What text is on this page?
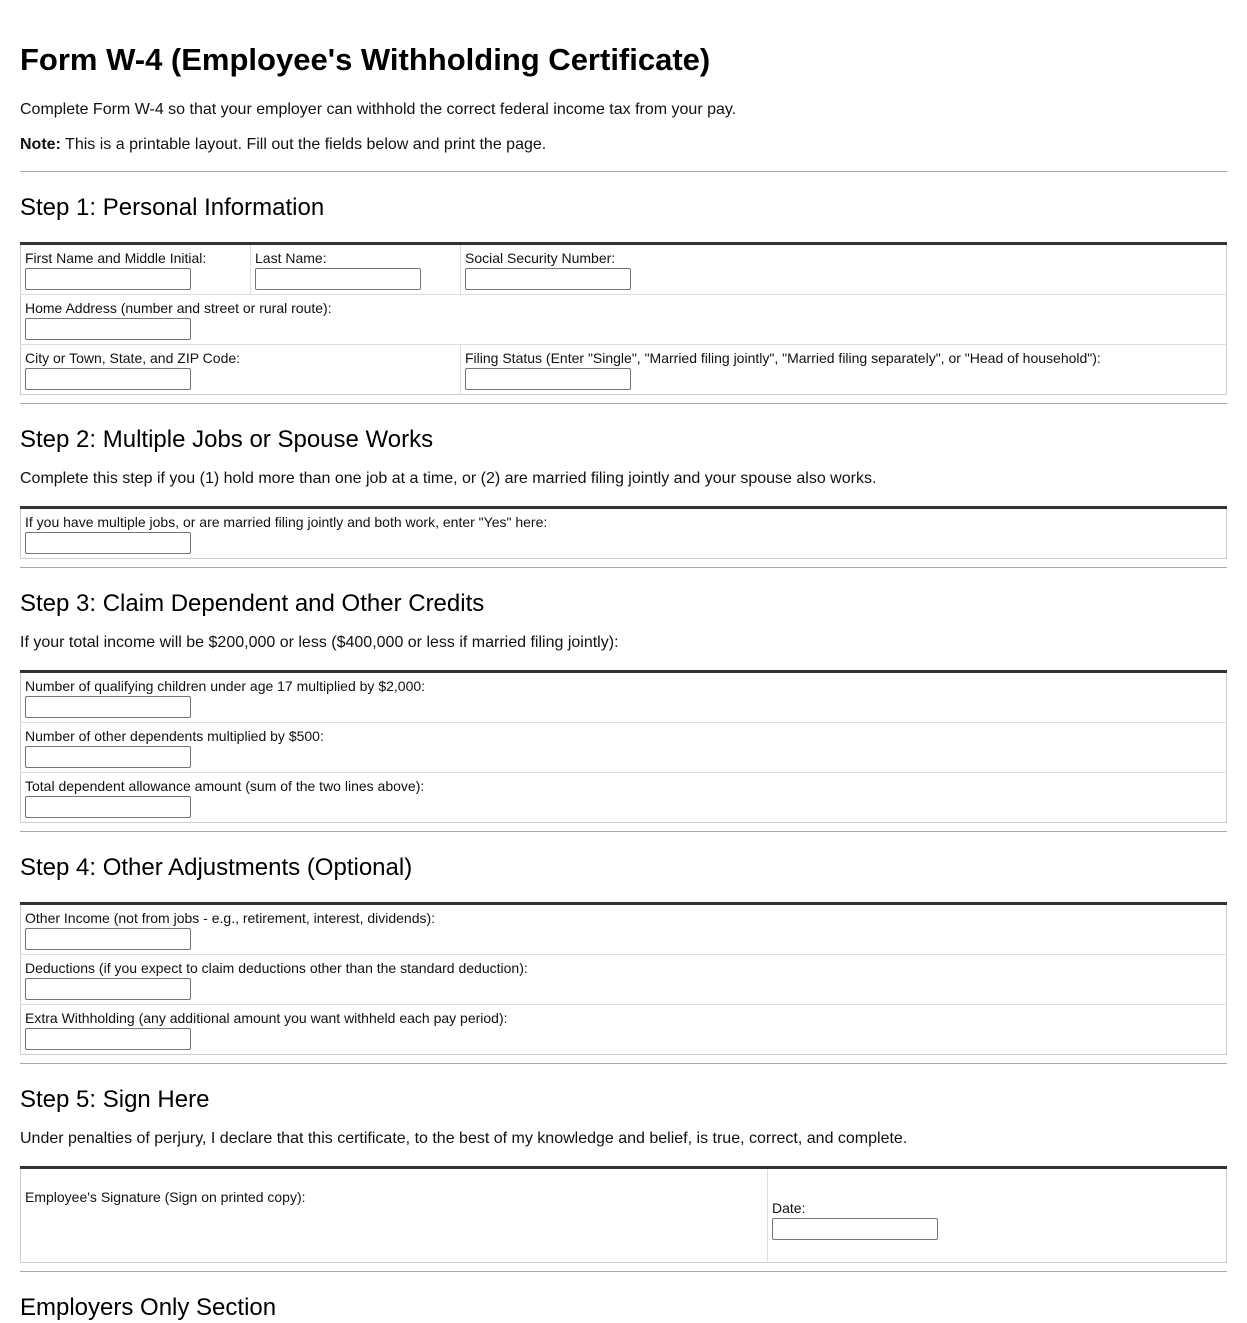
Form W-4 (Employee's Withholding Certificate)

Complete Form W-4 so that your employer can withhold the correct federal income tax from your pay.

Note: This is a printable layout. Fill out the fields below and print the page.

Step 1: Personal Information
First Name and Middle Initial:	Last Name:	Social Security Number:

Home Address (number and street or rural route):		

City or Town, State, and ZIP Code:		Filing Status (Enter "Single", "Married filing jointly", "Married filing separately", or "Head of household"):
Step 2: Multiple Jobs or Spouse Works

Complete this step if you (1) hold more than one job at a time, or (2) are married filing jointly and your spouse also works.

If you have multiple jobs, or are married filing jointly and both work, enter "Yes" here:
Step 3: Claim Dependent and Other Credits

If your total income will be $200,000 or less ($400,000 or less if married filing jointly):

Number of qualifying children under age 17 multiplied by $2,000:

Number of other dependents multiplied by $500:

Total dependent allowance amount (sum of the two lines above):
Step 4: Other Adjustments (Optional)
Other Income (not from jobs - e.g., retirement, interest, dividends):

Deductions (if you expect to claim deductions other than the standard deduction):

Extra Withholding (any additional amount you want withheld each pay period):
Step 5: Sign Here

Under penalties of perjury, I declare that this certificate, to the best of my knowledge and belief, is true, correct, and complete.

Employee's Signature (Sign on printed copy):

Date:
Employers Only Section
